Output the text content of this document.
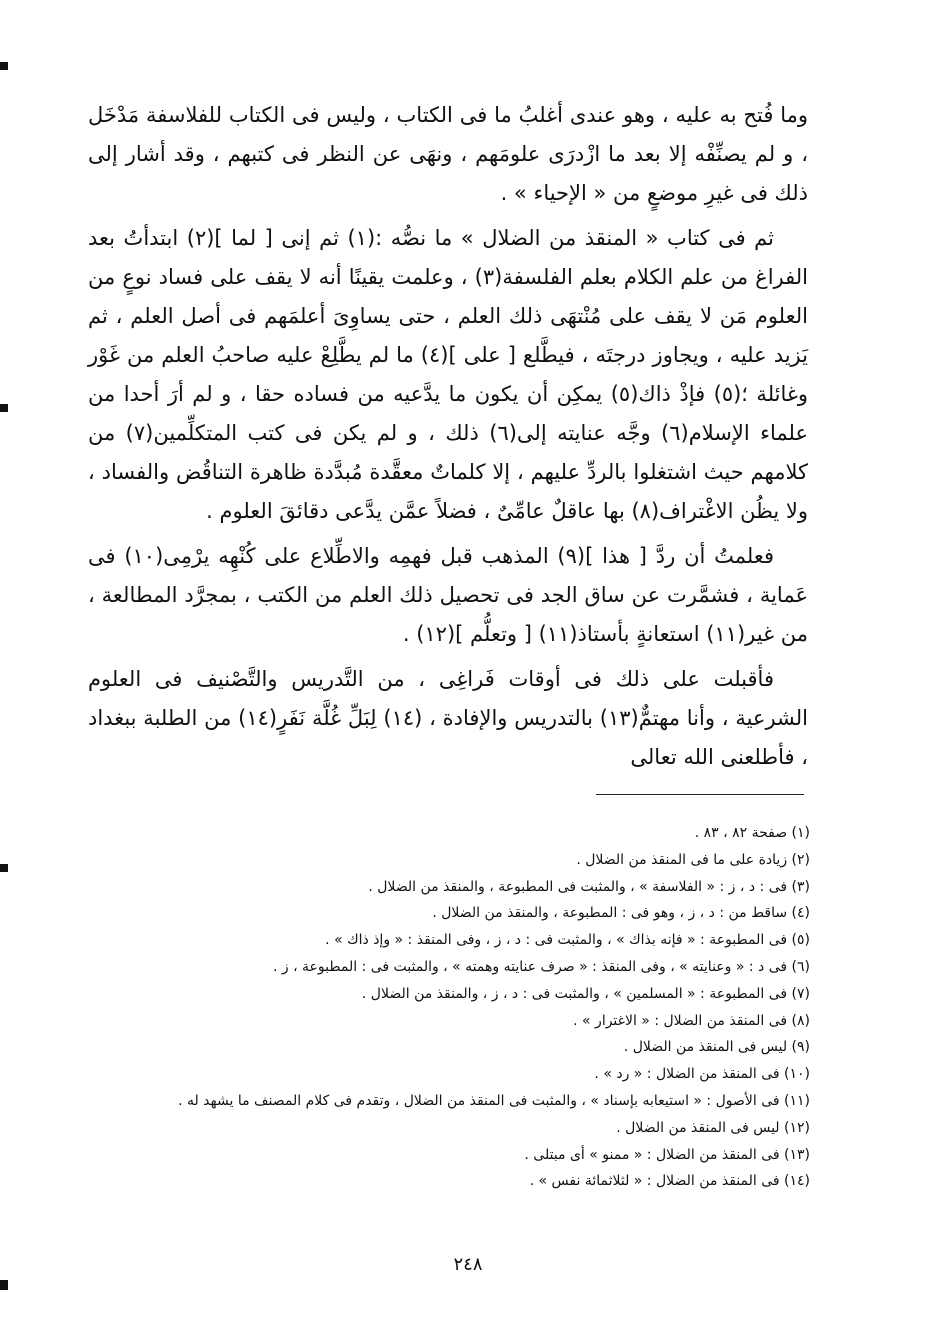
وما فُتح به عليه ، وهو عندى أغلبُ ما فى الكتاب ، وليس فى الكتاب للفلاسفة مَدْخَل ، و لم يصنِّفْه إلا بعد ما ازْدرَى علومَهم ، ونهَى عن النظر فى كتبهم ، وقد أشار إلى ذلك فى غيرِ موضعٍ من « الإحياء » .

ثم فى كتاب « المنقذ من الضلال » ما نصُّه :(١) ثم إنى [ لما ](٢) ابتدأتُ بعد الفراغ من علم الكلام بعلم الفلسفة(٣) ، وعلمت يقينًا أنه لا يقف على فساد نوعٍ من العلوم مَن لا يقف على مُنْتهَى ذلك العلم ، حتى يساوِىَ أعلمَهم فى أصل العلم ، ثم يَزيد عليه ، ويجاوز درجتَه ، فيطَّلع [ على ](٤) ما لم يطَّلِعْ عليه صاحبُ العلم من غَوْر وغائلة ؛(٥) فإذْ ذاك(٥) يمكِن أن يكون ما يدَّعيه من فساده حقا ، و لم أرَ أحدا من علماء الإسلام(٦) وجَّه عنايته إلى(٦) ذلك ، و لم يكن فى كتب المتكلِّمين(٧) من كلامهم حيث اشتغلوا بالردِّ عليهم ، إلا كلماتٌ معقَّدة مُبدَّدة ظاهرة التناقُض والفساد ، ولا يظُن الاغْتراف(٨) بها عاقلٌ عامِّىٌ ، فضلاً عمَّن يدَّعى دقائقَ العلوم .

فعلمتُ أن ردَّ [ هذا ](٩) المذهب قبل فهمِه والاطِّلاع على كُنْهِه يرْمِى(١٠) فى عَماية ، فشمَّرت عن ساق الجد فى تحصيل ذلك العلم من الكتب ، بمجرَّد المطالعة ، من غير(١١) استعانةٍ بأستاذ(١١) [ وتعلُّم ](١٢) .

فأقبلت على ذلك فى أوقات فَراغِى ، من التَّدريس والتَّصْنيف فى العلوم الشرعية ، وأنا مهتمٌّ(١٣) بالتدريس والإفادة ، (١٤) لِبَلِّ غُلَّة نَفَرٍ(١٤) من الطلبة ببغداد ، فأطلعنى الله تعالى

(١) صفحة ٨٢ ، ٨٣ .
(٢) زيادة على ما فى المنقذ من الضلال .
(٣) فى : د ، ز : « الفلاسفة » ، والمثبت فى المطبوعة ، والمنقذ من الضلال .
(٤) ساقط من : د ، ز ، وهو فى : المطبوعة ، والمنقذ من الضلال .
(٥) فى المطبوعة : « فإنه بذاك » ، والمثبت فى : د ، ز ، وفى المنقذ : « وإذ ذاك » .
(٦) فى د : « وعنايته » ، وفى المنقذ : « صرف عنايته وهمته » ، والمثبت فى : المطبوعة ، ز .
(٧) فى المطبوعة : « المسلمين » ، والمثبت فى : د ، ز ، والمنقذ من الضلال .
(٨) فى المنقذ من الضلال : « الاغترار » .
(٩) ليس فى المنقذ من الضلال .
(١٠) فى المنقذ من الضلال : « رد » .
(١١) فى الأصول : « استيعابه بإسناد » ، والمثبت فى المنقذ من الضلال ، وتقدم فى كلام المصنف ما يشهد له .
(١٢) ليس فى المنقذ من الضلال .
(١٣) فى المنقذ من الضلال : « ممنو » أى مبتلى .
(١٤) فى المنقذ من الضلال : « لثلاثمائة نفس » .
٢٤٨
